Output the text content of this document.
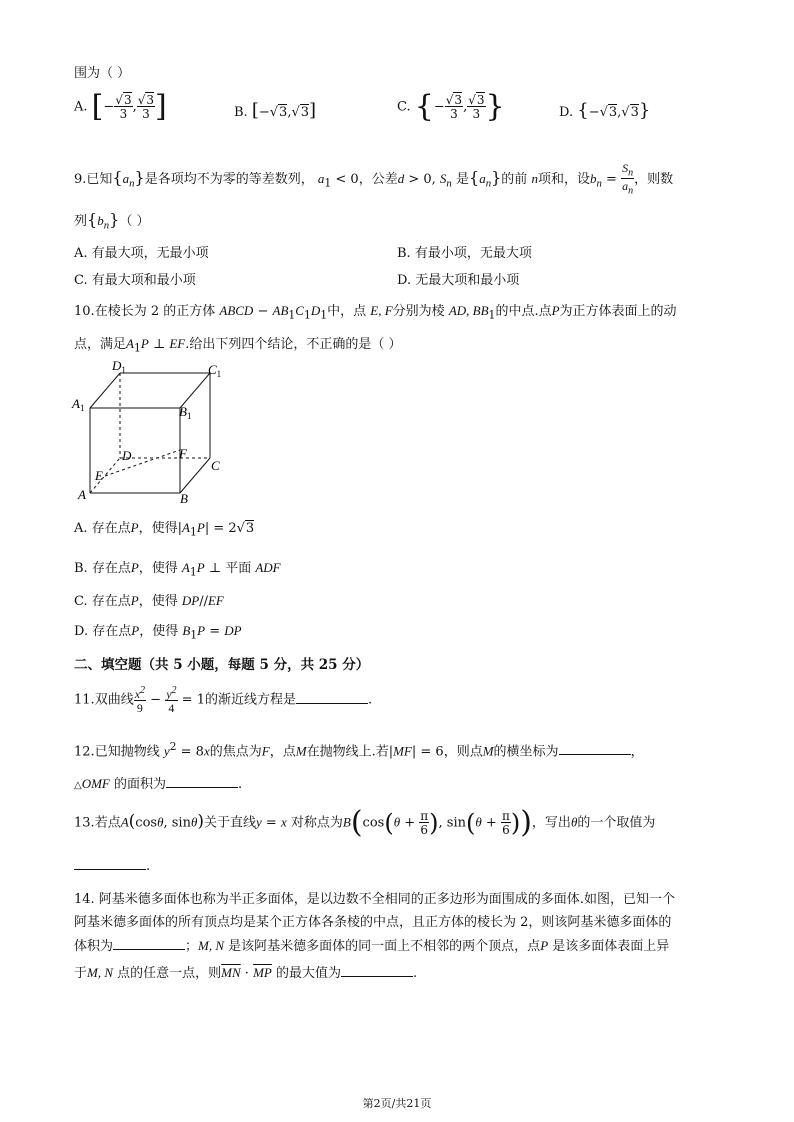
围为（ ）
A. [− $\frac{√3}{3}$ , $\frac{√3}{3}$ ]	B. [−√3,√3]	C. {− $\frac{√3}{3}$ , $\frac{√3}{3}$ }	D. {−√3,√3}
9.已知$\{a_n\}$是各项均不为零的等差数列， $a_1 < 0$，公差d > 0, $S_n$ 是$\{a_n\}$的前 n项和，设$b_n = \frac{S_n}{a_n}$ ，则数
列$\{b_n\}$（ ）
A. 有最大项，无最小项	B. 有最小项，无最大项
C. 有最大项和最小项	D. 无最大项和最小项
10.在棱长为 2 的正方体 ABCD − $AB_1C_1D_1$中，点 E, F分别为棱 AD, $BB_1$的中点.点P为正方体表面上的动
点，满足$A_1P$ ⊥ EF.给出下列四个结论，不正确的是（ ）
$D_1$	$C_1$
$A_1$	$B_1$
D	F
C
E
A	B
A. 存在点P，使得$|A_1P| = 2√3$
B. 存在点P，使得 $A_1P$ ⊥ 平面 ADF
C. 存在点P，使得 DP//EF
D. 存在点P，使得 $B_1P$ = DP
二、填空题（共 5 小题，每题 5 分，共 25 分）
11.双曲线 $\frac{x^2}{9} - \frac{y^2}{4} = 1$的渐近线方程是	.
12.已知抛物线 $y^2 = 8x$的焦点为F，点M在抛物线上.若|MF| = 6，则点M的横坐标为	，
△OMF 的面积为	.
13.若点A(cosθ, sinθ)关于直线y = x 对称点为$B(\cos(\theta + \frac{\pi}{6}$ ), $\sin(\theta + \frac{\pi}{6}$ ))，写出θ的一个取值为
.
14. 阿基米德多面体也称为半正多面体，是以边数不全相同的正多边形为面围成的多面体.如图，已知一个
阿基米德多面体的所有顶点均是某个正方体各条棱的中点，且正方体的棱长为 2，则该阿基米德多面体的
体积为	；M, N 是该阿基米德多面体的同一面上不相邻的两个顶点，点P 是该多面体表面上异
于M, N 点的任意一点，则$\overline{MN} \cdot \overline{MP}$ 的最大值为	.
第2页/共21页
